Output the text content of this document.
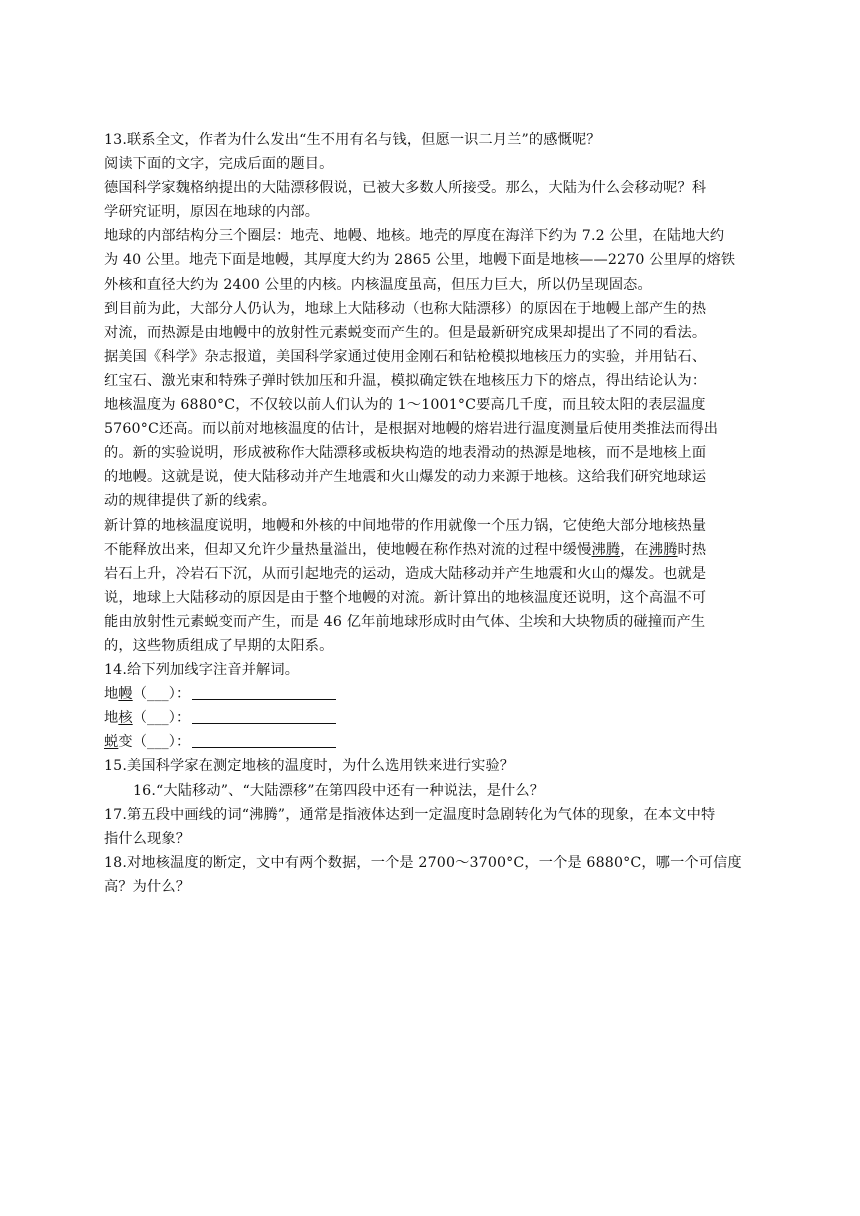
13.联系全文，作者为什么发出“生不用有名与钱，但愿一识二月兰”的感慨呢？
阅读下面的文字，完成后面的题目。
德国科学家魏格纳提出的大陆漂移假说，已被大多数人所接受。那么，大陆为什么会移动呢？科
学研究证明，原因在地球的内部。
地球的内部结构分三个圈层：地壳、地幔、地核。地壳的厚度在海洋下约为 7.2 公里，在陆地大约
为 40 公里。地壳下面是地幔，其厚度大约为 2865 公里，地幔下面是地核——2270 公里厚的熔铁
外核和直径大约为 2400 公里的内核。内核温度虽高，但压力巨大，所以仍呈现固态。
到目前为此，大部分人仍认为，地球上大陆移动（也称大陆漂移）的原因在于地幔上部产生的热
对流，而热源是由地幔中的放射性元素蜕变而产生的。但是最新研究成果却提出了不同的看法。
据美国《科学》杂志报道，美国科学家通过使用金刚石和钻枪模拟地核压力的实验，并用钻石、
红宝石、激光束和特殊子弹时铁加压和升温，模拟确定铁在地核压力下的熔点，得出结论认为：
地核温度为 6880°C，不仅较以前人们认为的 1～1001°C要高几千度，而且较太阳的表层温度
5760°C还高。而以前对地核温度的估计，是根据对地幔的熔岩进行温度测量后使用类推法而得出
的。新的实验说明，形成被称作大陆漂移或板块构造的地表滑动的热源是地核，而不是地核上面
的地幔。这就是说，使大陆移动并产生地震和火山爆发的动力来源于地核。这给我们研究地球运
动的规律提供了新的线索。
新计算的地核温度说明，地幔和外核的中间地带的作用就像一个压力锅，它使绝大部分地核热量
不能释放出来，但却又允许少量热量溢出，使地幔在称作热对流的过程中缓慢沸腾，在沸腾时热
岩石上升，冷岩石下沉，从而引起地壳的运动，造成大陆移动并产生地震和火山的爆发。也就是
说，地球上大陆移动的原因是由于整个地幔的对流。新计算出的地核温度还说明，这个高温不可
能由放射性元素蜕变而产生，而是 46 亿年前地球形成时由气体、尘埃和大块物质的碰撞而产生
的，这些物质组成了早期的太阳系。
14.给下列加线字注音并解词。
地幔（___）：
地核（___）：
蜕变（___）：
15.美国科学家在测定地核的温度时，为什么选用铁来进行实验？
16.“大陆移动”、“大陆漂移”在第四段中还有一种说法，是什么？
17.第五段中画线的词“沸腾”，通常是指液体达到一定温度时急剧转化为气体的现象，在本文中特
指什么现象？
18.对地核温度的断定，文中有两个数据，一个是 2700～3700°C，一个是 6880°C，哪一个可信度
高？为什么？
